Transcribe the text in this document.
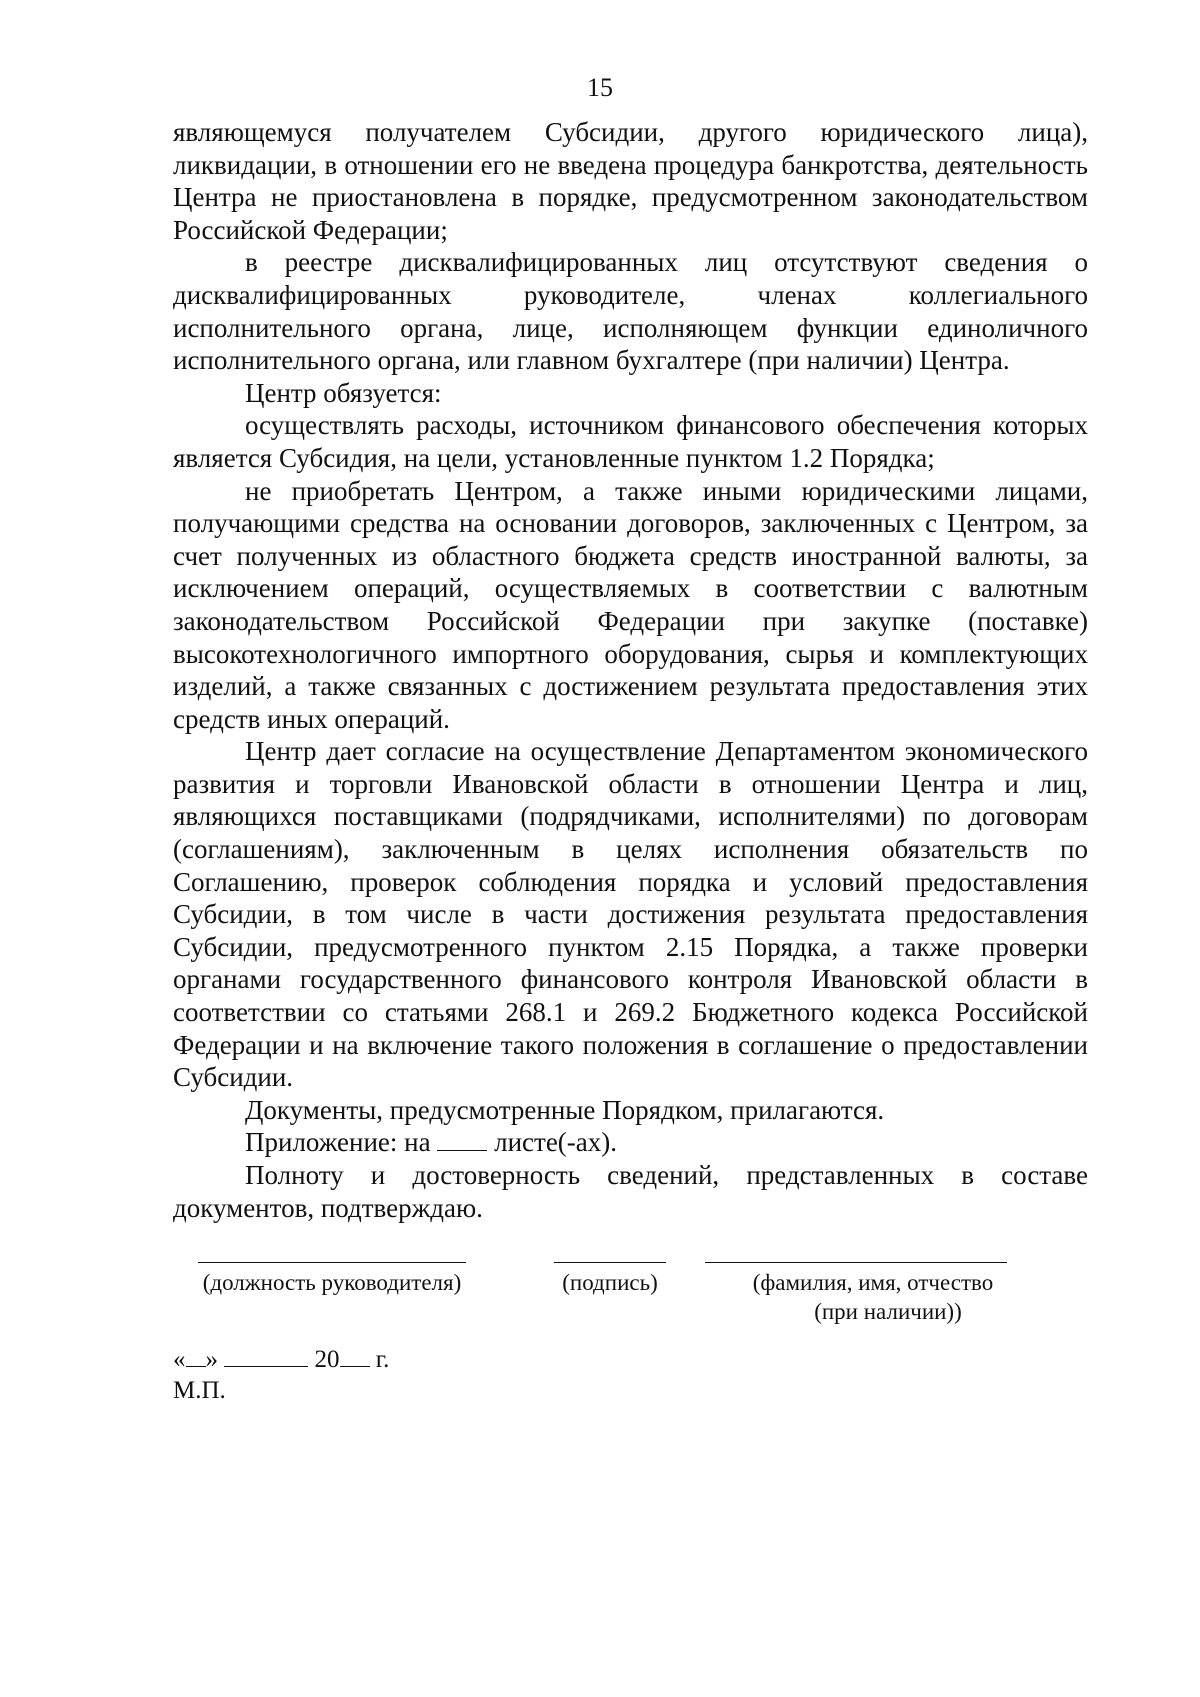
15

являющемуся получателем Субсидии, другого юридического лица), ликвидации, в отношении его не введена процедура банкротства, деятельность Центра не приостановлена в порядке, предусмотренном законодательством Российской Федерации;

в реестре дисквалифицированных лиц отсутствуют сведения о дисквалифицированных руководителе, членах коллегиального исполнительного органа, лице, исполняющем функции единоличного исполнительного органа, или главном бухгалтере (при наличии) Центра.

Центр обязуется:

осуществлять расходы, источником финансового обеспечения которых является Субсидия, на цели, установленные пунктом 1.2 Порядка;

не приобретать Центром, а также иными юридическими лицами, получающими средства на основании договоров, заключенных с Центром, за счет полученных из областного бюджета средств иностранной валюты, за исключением операций, осуществляемых в соответствии с валютным законодательством Российской Федерации при закупке (поставке) высокотехнологичного импортного оборудования, сырья и комплектующих изделий, а также связанных с достижением результата предоставления этих средств иных операций.

Центр дает согласие на осуществление Департаментом экономического развития и торговли Ивановской области в отношении Центра и лиц, являющихся поставщиками (подрядчиками, исполнителями) по договорам (соглашениям), заключенным в целях исполнения обязательств по Соглашению, проверок соблюдения порядка и условий предоставления Субсидии, в том числе в части достижения результата предоставления Субсидии, предусмотренного пунктом 2.15 Порядка, а также проверки органами государственного финансового контроля Ивановской области в соответствии со статьями 268.1 и 269.2 Бюджетного кодекса Российской Федерации и на включение такого положения в соглашение о предоставлении Субсидии.

Документы, предусмотренные Порядком, прилагаются.

Приложение: на листе(-ах).

Полноту и достоверность сведений, представленных в составе документов, подтверждаю.

(должность руководителя)	(подпись)	(фамилия, имя, отчество
(при наличии))
« »	20 г.
М.П.
